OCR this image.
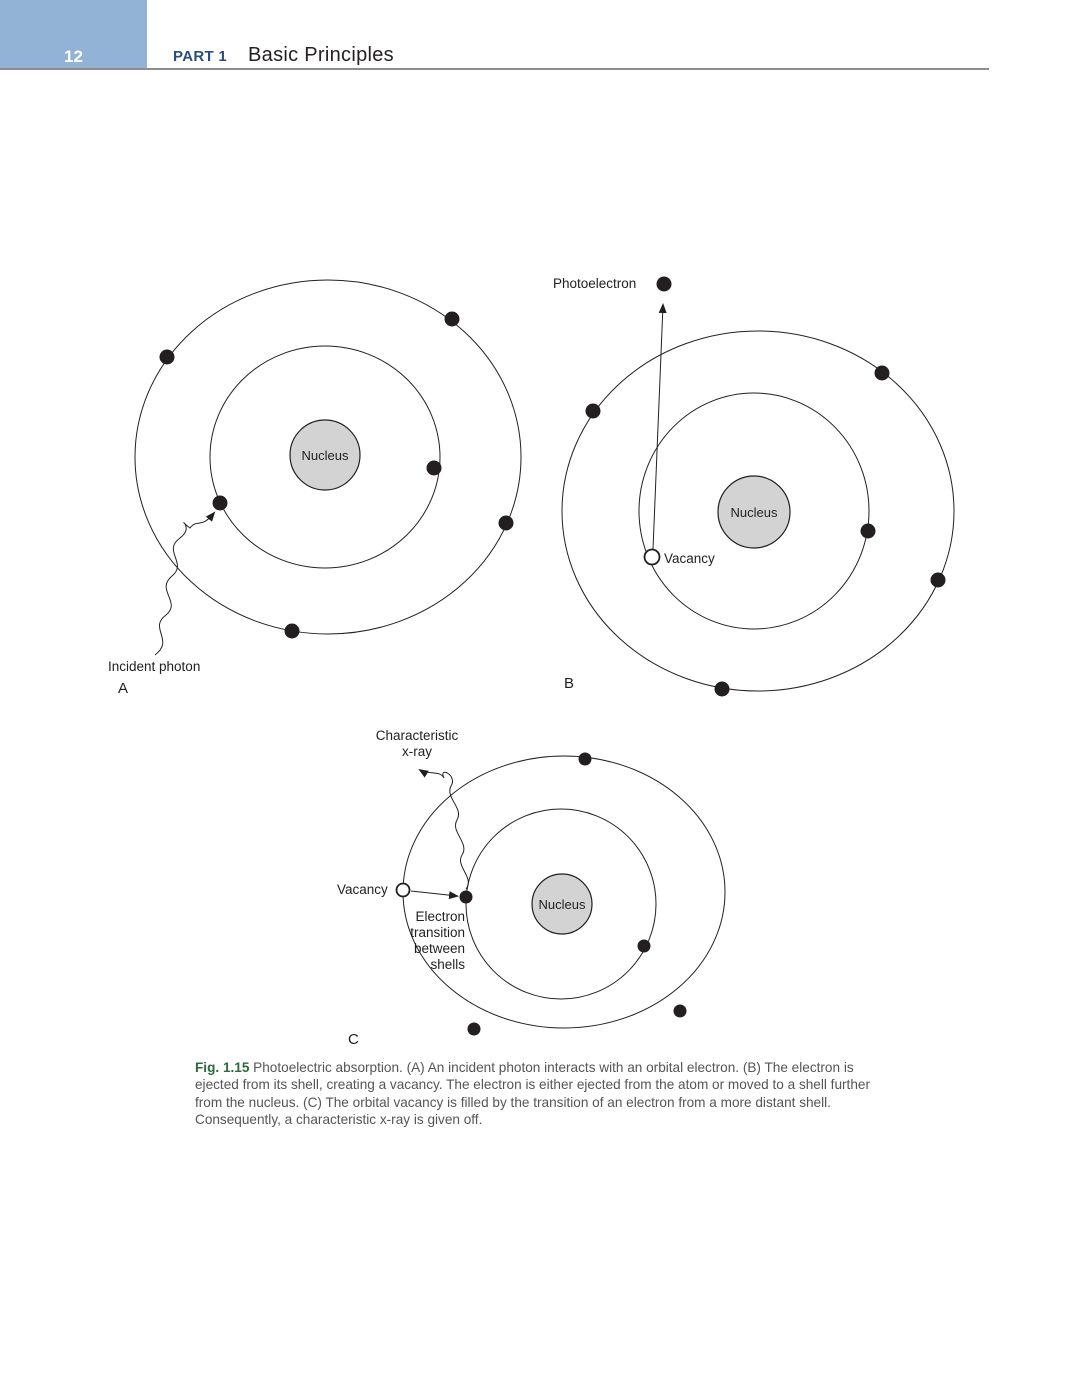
12	PART 1 Basic Principles
Nucleus
Incident photon
A
Nucleus
Vacancy
Photoelectron
B
Nucleus
Vacancy
Characteristic
x-ray
Electron
transition
between
shells
C
Fig. 1.15 Photoelectric absorption. (A) An incident photon interacts with an orbital electron. (B) The electron is ejected from its shell, creating a vacancy. The electron is either ejected from the atom or moved to a shell further from the nucleus. (C) The orbital vacancy is filled by the transition of an electron from a more distant shell. Consequently, a characteristic x-ray is given off.
